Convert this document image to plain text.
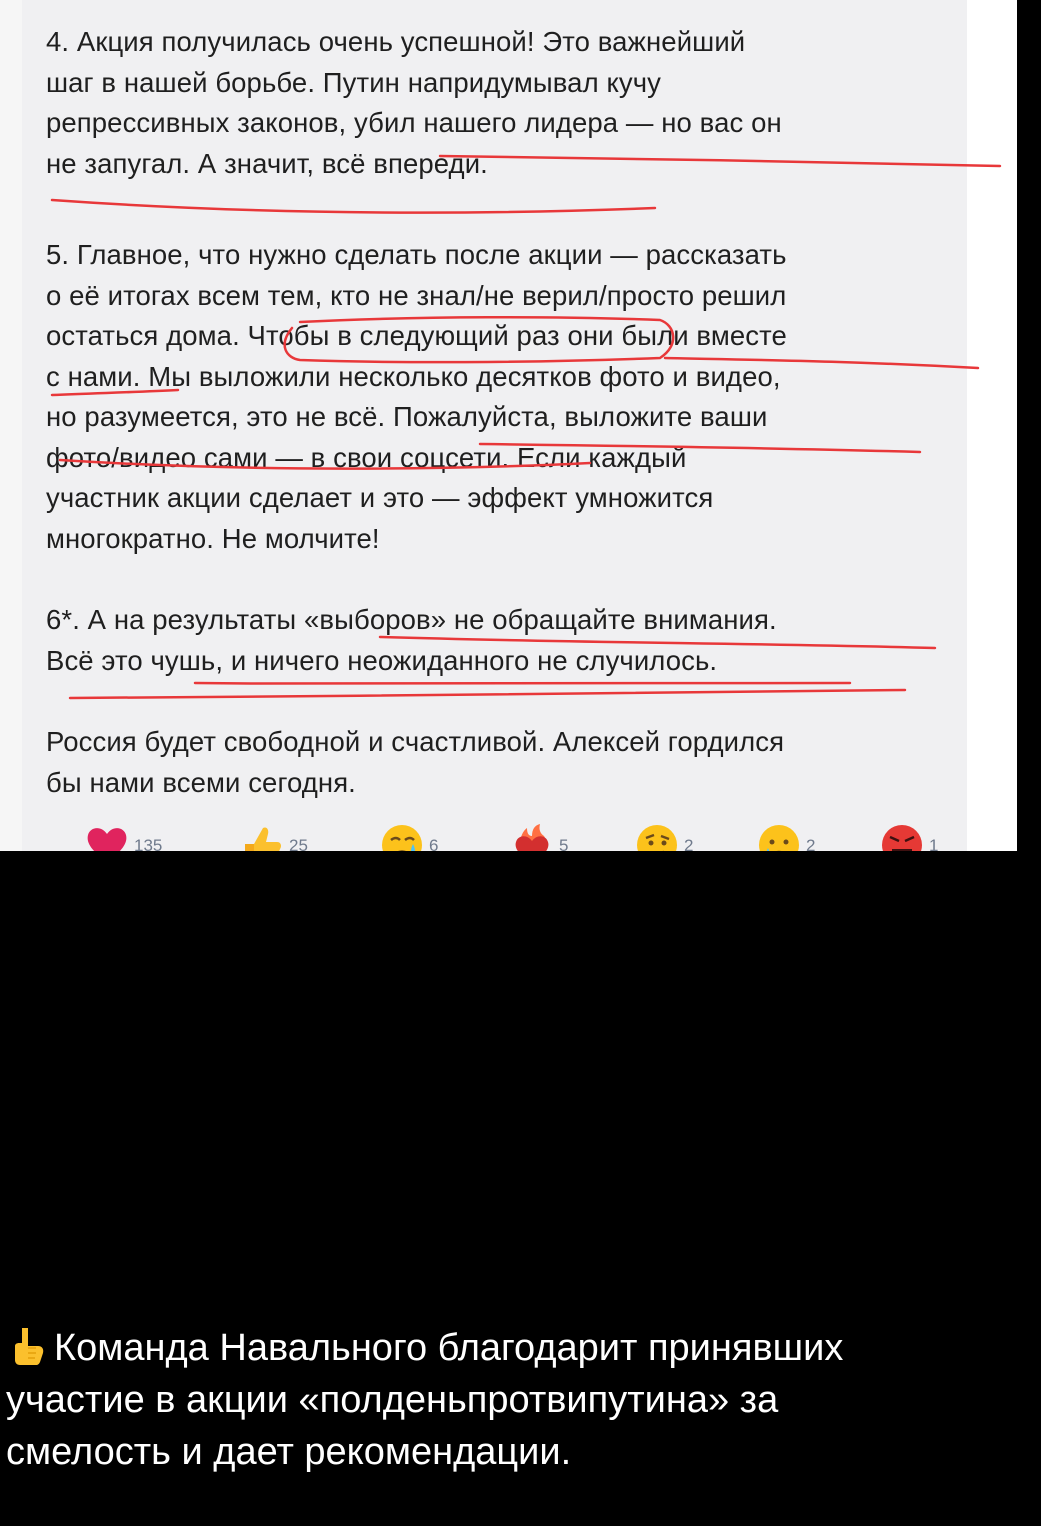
4. Акция получилась очень успешной! Это важнейший
шаг в нашей борьбе. Путин напридумывал кучу
репрессивных законов, убил нашего лидера — но вас он
не запугал. А значит, всё впереди.

5. Главное, что нужно сделать после акции — рассказать
о её итогах всем тем, кто не знал/не верил/просто решил
остаться дома. Чтобы в следующий раз они были вместе
с нами. Мы выложили несколько десятков фото и видео,
но разумеется, это не всё. Пожалуйста, выложите ваши
фото/видео сами — в свои соцсети. Если каждый
участник акции сделает и это — эффект умножится
многократно. Не молчите!

6*. А на результаты «выборов» не обращайте внимания.
Всё это чушь, и ничего неожиданного не случилось.

Россия будет свободной и счастливой. Алексей гордился
бы нами всеми сегодня.

135	25	6	5	2	2	1

Команда Навального благодарит принявших
участие в акции «полденьпротвипутина» за
смелость и дает рекомендации.
